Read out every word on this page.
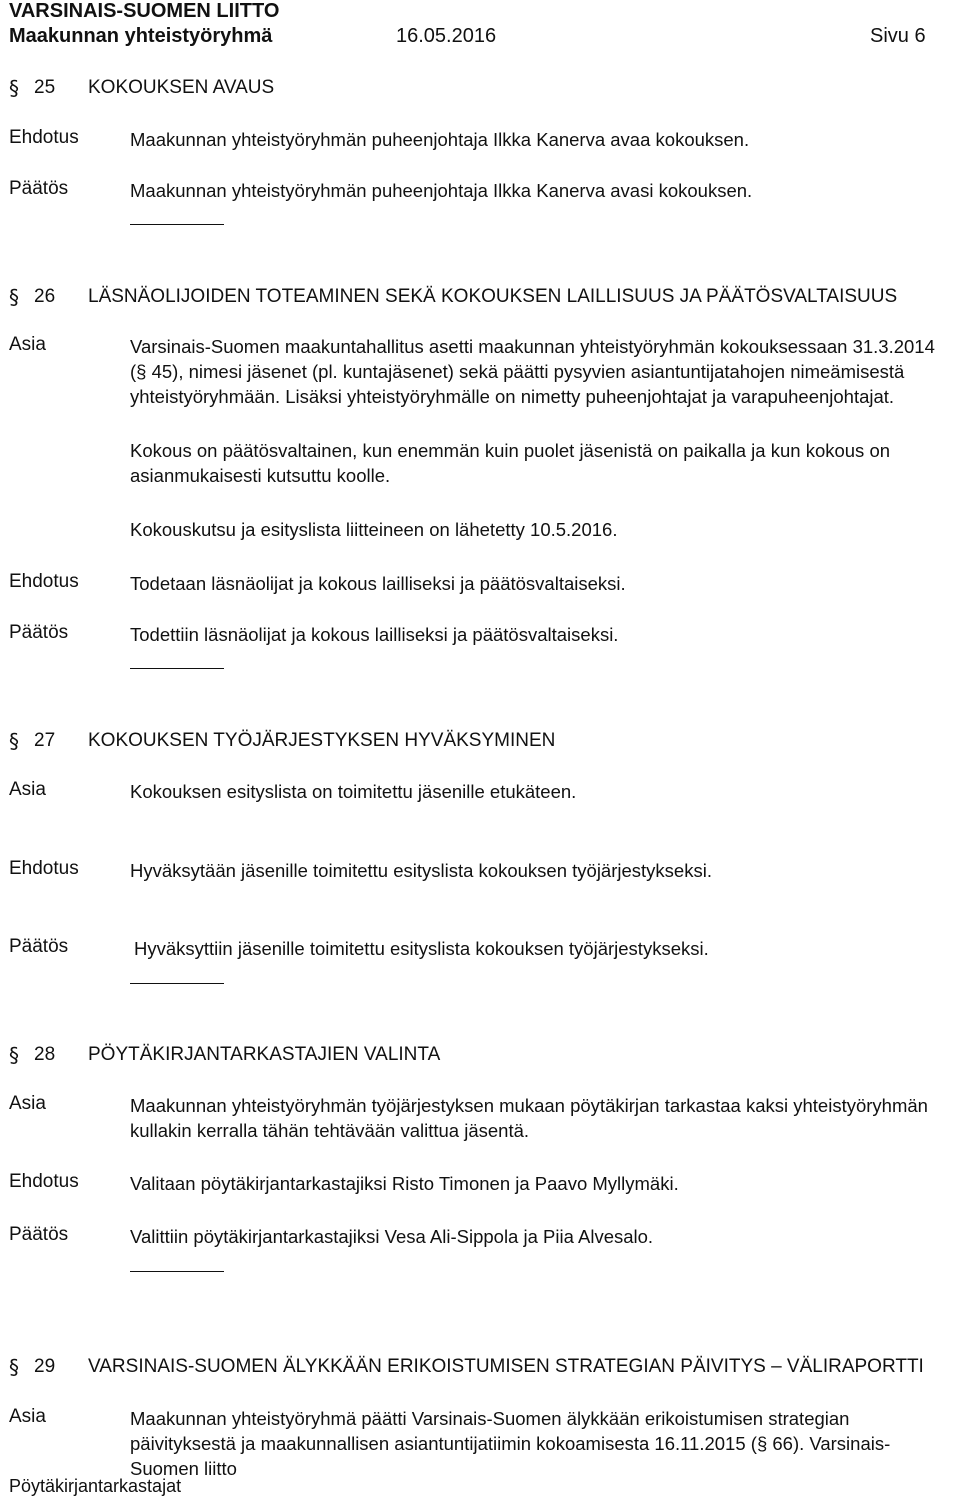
VARSINAIS-SUOMEN LIITTO
Maakunnan yhteistyöryhmä	16.05.2016	Sivu 6
§ 25 KOKOUKSEN AVAUS
Ehdotus	Maakunnan yhteistyöryhmän puheenjohtaja Ilkka Kanerva avaa kokouksen.
Päätös	Maakunnan yhteistyöryhmän puheenjohtaja Ilkka Kanerva avasi kokouksen.
§ 26 LÄSNÄOLIJOIDEN TOTEAMINEN SEKÄ KOKOUKSEN LAILLISUUS JA PÄÄTÖSVALTAISUUS
Asia	Varsinais-Suomen maakuntahallitus asetti maakunnan yhteistyöryhmän kokouksessaan 31.3.2014 (§ 45), nimesi jäsenet (pl. kuntajäsenet) sekä päätti pysyvien asiantuntijatahojen nimeämisestä yhteistyöryhmään. Lisäksi yhteistyöryhmälle on nimetty puheenjohtajat ja varapuheenjohtajat.
Kokous on päätösvaltainen, kun enemmän kuin puolet jäsenistä on paikalla ja kun kokous on asianmukaisesti kutsuttu koolle.
Kokouskutsu ja esityslista liitteineen on lähetetty 10.5.2016.
Ehdotus	Todetaan läsnäolijat ja kokous lailliseksi ja päätösvaltaiseksi.
Päätös	Todettiin läsnäolijat ja kokous lailliseksi ja päätösvaltaiseksi.
§ 27 KOKOUKSEN TYÖJÄRJESTYKSEN HYVÄKSYMINEN
Asia	Kokouksen esityslista on toimitettu jäsenille etukäteen.
Ehdotus	Hyväksytään jäsenille toimitettu esityslista kokouksen työjärjestykseksi.
Päätös	Hyväksyttiin jäsenille toimitettu esityslista kokouksen työjärjestykseksi.
§ 28 PÖYTÄKIRJANTARKASTAJIEN VALINTA
Asia	Maakunnan yhteistyöryhmän työjärjestyksen mukaan pöytäkirjan tarkastaa kaksi yhteistyöryhmän kullakin kerralla tähän tehtävään valittua jäsentä.
Ehdotus	Valitaan pöytäkirjantarkastajiksi Risto Timonen ja Paavo Myllymäki.
Päätös	Valittiin pöytäkirjantarkastajiksi Vesa Ali-Sippola ja Piia Alvesalo.
§ 29 VARSINAIS-SUOMEN ÄLYKKÄÄN ERIKOISTUMISEN STRATEGIAN PÄIVITYS – VÄLIRAPORTTI
Asia	Maakunnan yhteistyöryhmä päätti Varsinais-Suomen älykkään erikoistumisen strategian päivityksestä ja maakunnallisen asiantuntijatiimin kokoamisesta 16.11.2015 (§ 66). Varsinais-Suomen liitto
Pöytäkirjantarkastajat
